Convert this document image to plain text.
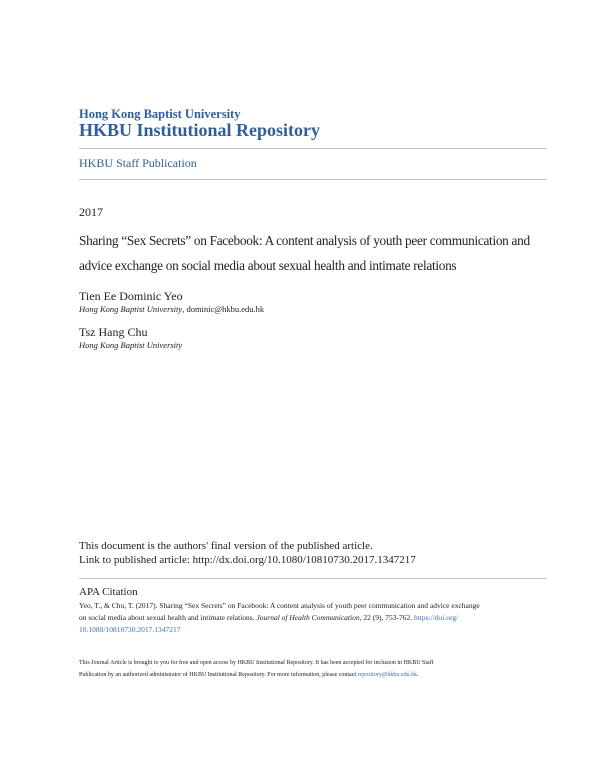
Hong Kong Baptist University
HKBU Institutional Repository
HKBU Staff Publication
2017
Sharing “Sex Secrets” on Facebook: A content analysis of youth peer communication and
advice exchange on social media about sexual health and intimate relations
Tien Ee Dominic Yeo
Hong Kong Baptist University, dominic@hkbu.edu.hk
Tsz Hang Chu
Hong Kong Baptist University
This document is the authors' final version of the published article.
Link to published article: http://dx.doi.org/10.1080/10810730.2017.1347217
APA Citation
Yeo, T., & Chu, T. (2017). Sharing “Sex Secrets” on Facebook: A content analysis of youth peer communication and advice exchange
on social media about sexual health and intimate relations. Journal of Health Communication, 22 (9), 753-762. https://doi.org/
10.1080/10810730.2017.1347217
This Journal Article is brought to you for free and open access by HKBU Institutional Repository. It has been accepted for inclusion in HKBU Staff
Publication by an authorized administrator of HKBU Institutional Repository. For more information, please contact repository@hkbu.edu.hk.
